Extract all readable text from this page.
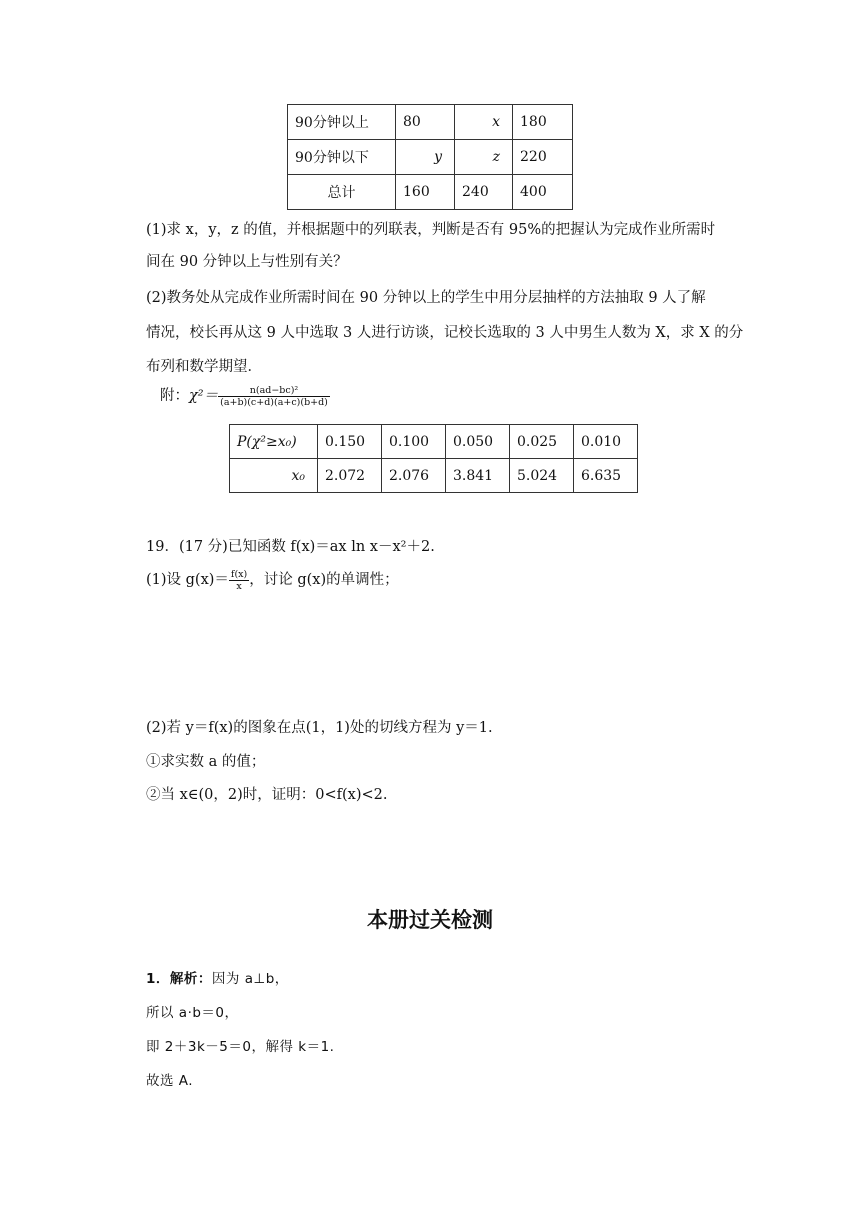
90分钟以上	80	x	180
90分钟以下	y	z	220
总计	160	240	400
(1)求 x，y，z 的值，并根据题中的列联表，判断是否有 95%的把握认为完成作业所需时
间在 90 分钟以上与性别有关？
(2)教务处从完成作业所需时间在 90 分钟以上的学生中用分层抽样的方法抽取 9 人了解
情况，校长再从这 9 人中选取 3 人进行访谈，记校长选取的 3 人中男生人数为 X，求 X 的分
布列和数学期望．
附：$\chi^2= \frac{\text{n(ad−bc)²}}{(a+b)(c+d)(a+c)(b+d)}$
P(χ²≥x₀)	0.150	0.100	0.050	0.025	0.010
x₀	2.072	2.076	3.841	5.024	6.635
19．(17 分)已知函数 f(x)＝ax ln x－x²＋2.
(1)设 $g(x)= \frac{f(x)}{x}$ ，讨论 g(x)的单调性；
(2)若 y＝f(x)的图象在点(1，1)处的切线方程为 y＝1.
①求实数 a 的值；
②当 x∈(0，2)时，证明：0<f(x)<2.
本册过关检测
1．解析：因为 a⊥b，
所以 a·b＝0，
即 2＋3k－5＝0，解得 k＝1.
故选 A.
